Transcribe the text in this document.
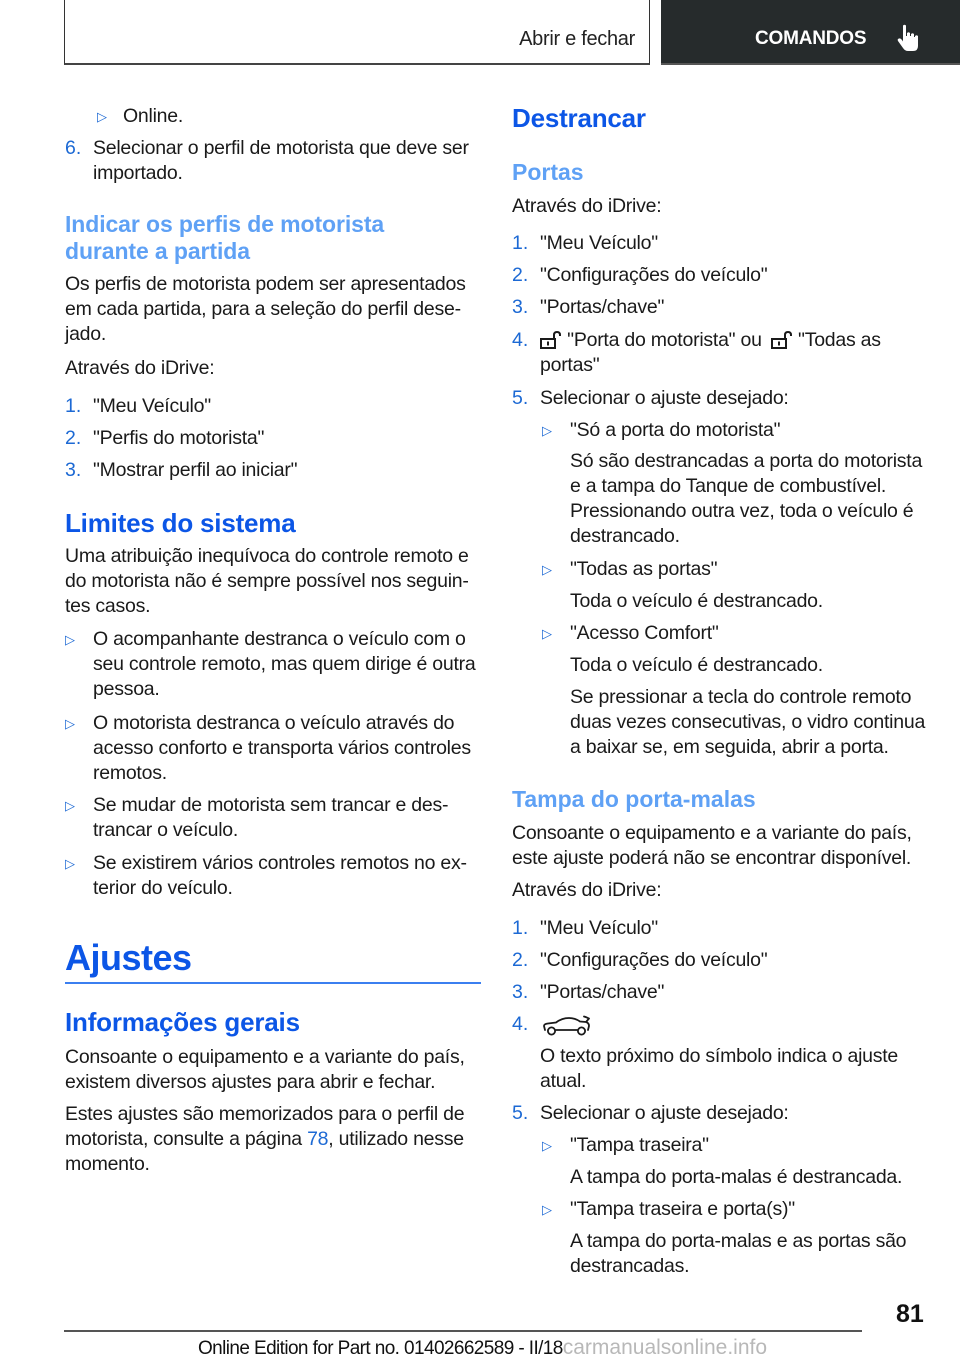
Abrir e fechar	COMANDOS
▷ Online.
6. Selecionar o perfil de motorista que deve ser
importado.
Indicar os perfis de motorista
durante a partida
Os perfis de motorista podem ser apresentados
em cada partida, para a seleção do perfil dese-
jado.
Através do iDrive:
1. "Meu Veículo"
2. "Perfis do motorista"
3. "Mostrar perfil ao iniciar"
Limites do sistema
Uma atribuição inequívoca do controle remoto e
do motorista não é sempre possível nos seguin-
tes casos.
▷ O acompanhante destranca o veículo com o
seu controle remoto, mas quem dirige é outra
pessoa.
▷ O motorista destranca o veículo através do
acesso conforto e transporta vários controles
remotos.
▷ Se mudar de motorista sem trancar e des-
trancar o veículo.
▷ Se existirem vários controles remotos no ex-
terior do veículo.
Ajustes
Informações gerais
Consoante o equipamento e a variante do país,
existem diversos ajustes para abrir e fechar.
Estes ajustes são memorizados para o perfil de
motorista, consulte a página 78, utilizado nesse
momento.
Destrancar
Portas
Através do iDrive:
1. "Meu Veículo"
2. "Configurações do veículo"
3. "Portas/chave"
4.	"Porta do motorista" ou  "Todas as
portas"
5. Selecionar o ajuste desejado:
▷ "Só a porta do motorista"
Só são destrancadas a porta do motorista
e a tampa do Tanque de combustível.
Pressionando outra vez, toda o veículo é
destrancado.
▷ "Todas as portas"
Toda o veículo é destrancado.
▷ "Acesso Comfort"
Toda o veículo é destrancado.
Se pressionar a tecla do controle remoto
duas vezes consecutivas, o vidro continua
a baixar se, em seguida, abrir a porta.
Tampa do porta-malas
Consoante o equipamento e a variante do país,
este ajuste poderá não se encontrar disponível.
Através do iDrive:
1. "Meu Veículo"
2. "Configurações do veículo"
3. "Portas/chave"
4.
O texto próximo do símbolo indica o ajuste
atual.
5. Selecionar o ajuste desejado:
▷ "Tampa traseira"
A tampa do porta-malas é destrancada.
▷ "Tampa traseira e porta(s)"
A tampa do porta-malas e as portas são
destrancadas.
81
Online Edition for Part no. 01402662589 - II/18carmanualsonline.info
